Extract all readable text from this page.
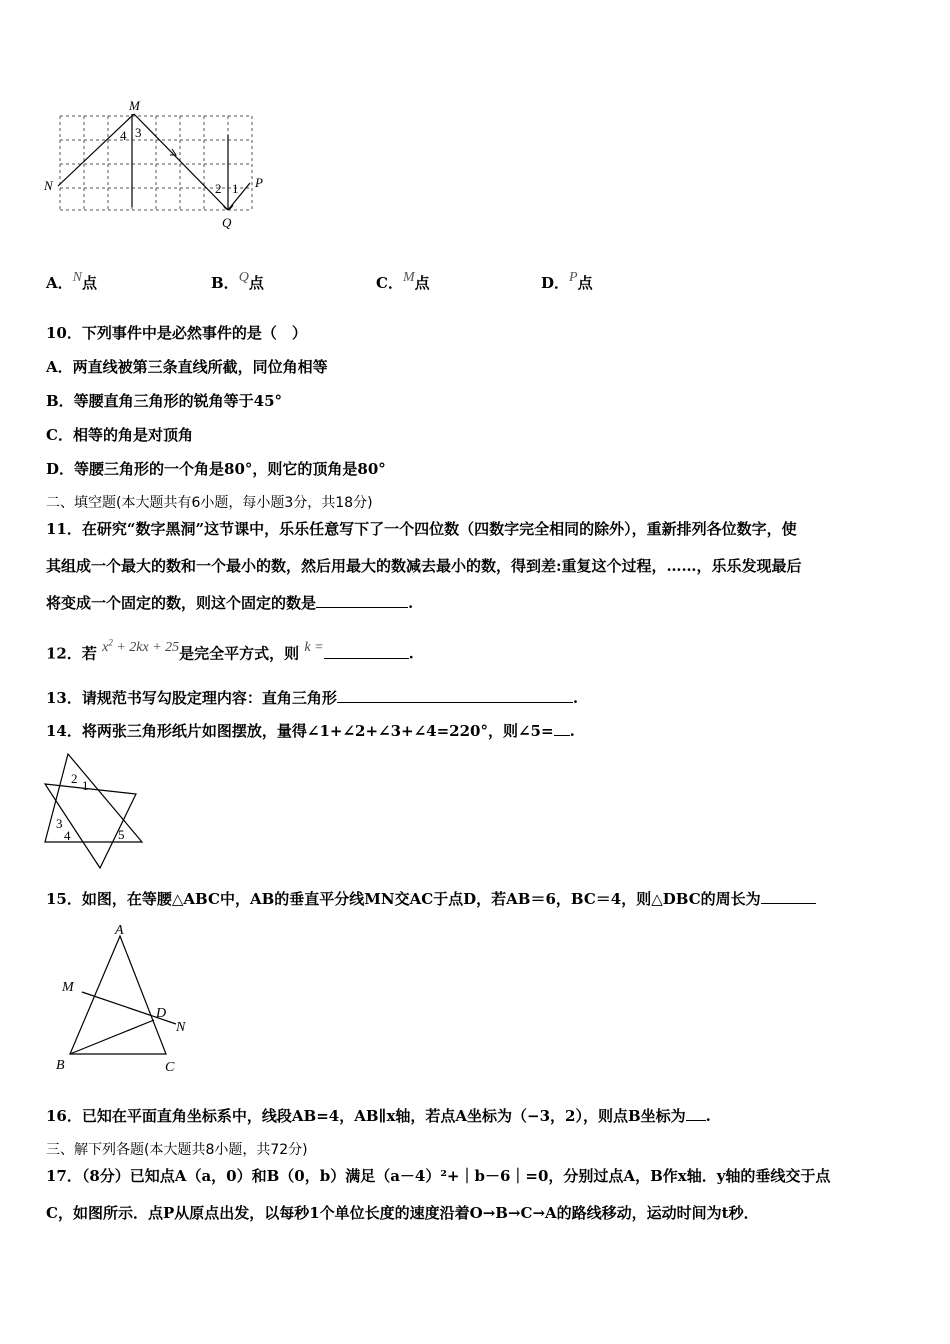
M
N	P
Q
4 3
2 1
A．N点	B．Q点	C．M点	D．P点
10．下列事件中是必然事件的是（　）
A．两直线被第三条直线所截，同位角相等
B．等腰直角三角形的锐角等于45°
C．相等的角是对顶角
D．等腰三角形的一个角是80°，则它的顶角是80°
二、填空题(本大题共有6小题，每小题3分，共18分)
11．在研究“数字黑洞”这节课中，乐乐任意写下了一个四位数（四数字完全相同的除外），重新排列各位数字，使
其组成一个最大的数和一个最小的数，然后用最大的数减去最小的数，得到差:重复这个过程，……，乐乐发现最后
将变成一个固定的数，则这个固定的数是	.
12．若 $x^2 + 2kx + 25$是完全平方式，则 k =	.
13．请规范书写勾股定理内容：直角三角形	.
14．将两张三角形纸片如图摆放，量得∠1+∠2+∠3+∠4=220°，则∠5= .
2 1
3
4	5
15．如图，在等腰△ABC中，AB的垂直平分线MN交AC于点D，若AB＝6，BC＝4，则△DBC的周长为
A
B	C
D
M
N
16．已知在平面直角坐标系中，线段AB=4，AB∥x轴，若点A坐标为（−3，2），则点B坐标为 .
三、解下列各题(本大题共8小题，共72分)
17．（8分）已知点A（a，0）和B（0，b）满足（a－4）²+｜b－6｜=0，分别过点A，B作x轴．y轴的垂线交于点
C，如图所示．点P从原点出发，以每秒1个单位长度的速度沿着O→B→C→A的路线移动，运动时间为t秒．
